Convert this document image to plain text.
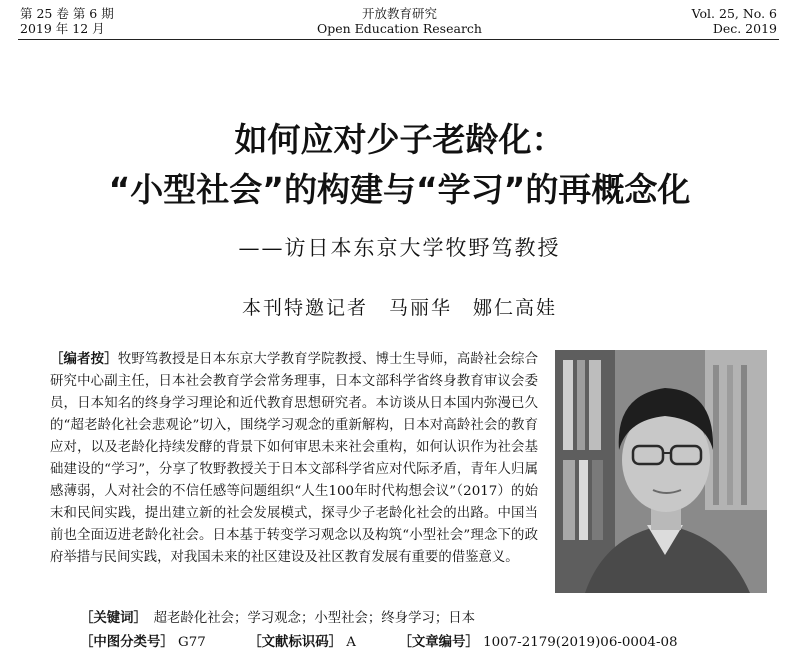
第 25 卷 第 6 期
2019 年 12 月
开放教育研究
Open Education Research
Vol. 25, No. 6
Dec. 2019
如何应对少子老龄化：
“小型社会”的构建与“学习”的再概念化
——访日本东京大学牧野笃教授
本刊特邀记者　马丽华　娜仁高娃
［编者按］牧野笃教授是日本东京大学教育学院教授、博士生导师，高龄社会综合研究中心副主任，日本社会教育学会常务理事，日本文部科学省终身教育审议会委员，日本知名的终身学习理论和近代教育思想研究者。本访谈从日本国内弥漫已久的“超老龄化社会悲观论”切入，围绕学习观念的重新解构，日本对高龄社会的教育应对，以及老龄化持续发酵的背景下如何审思未来社会重构，如何认识作为社会基础建设的“学习”，分享了牧野教授关于日本文部科学省应对代际矛盾，青年人归属感薄弱，人对社会的不信任感等问题组织“人生100年时代构想会议”（2017）的始末和民间实践，提出建立新的社会发展模式，探寻少子老龄化社会的出路。中国当前也全面迈进老龄化社会。日本基于转变学习观念以及构筑“小型社会”理念下的政府举措与民间实践，对我国未来的社区建设及社区教育发展有重要的借鉴意义。
［关键词］　 超老龄化社会；学习观念；小型社会；终身学习；日本
［中图分类号］ G77	［文献标识码］ A	［文章编号］ 1007-2179(2019)06-0004-08
